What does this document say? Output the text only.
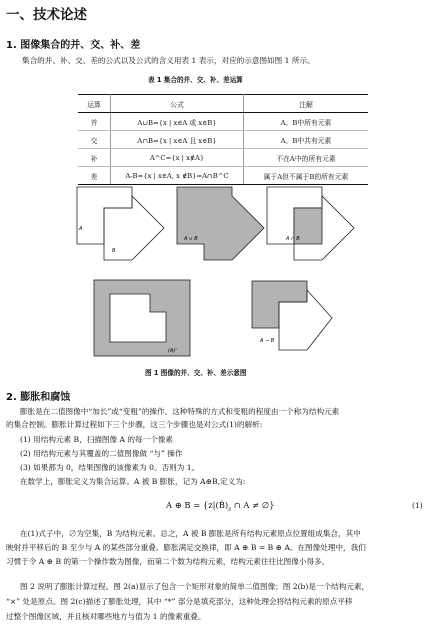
一、技术论述
1. 图像集合的并、交、补、差
集合的并、补、交、差的公式以及公式的含义用表 1 表示，对应的示意图如图 1 所示。
表 1 集合的并、交、补、差运算
运算	公式	注解
并	A∪B={x | x∈A 或 x∈B}	A、B中所有元素
交	A∩B={x | x∈A 且 x∈B}	A、B中共有元素
补	A^C={x | x∉A}	不在A中的所有元素
差	A-B={x | x∈A, x ∉B}=A∩B^C	属于A但不属于B的所有元素
A
B
A ∪ B	A ∩ B
(A)ᶜ
A − B
图 1 图像的并、交、补、差示意图
2. 膨胀和腐蚀
膨胀是在二值图像中“加长”或“变粗”的操作。这种特殊的方式和变粗的程度由一个称为结构元素
的集合控制。膨胀计算过程如下三个步骤，这三个步骤也是对公式(1)的解析:
(1) 用结构元素 B，扫描图像 A 的每一个像素
(2) 用结构元素与其覆盖的二值图像做 “与” 操作
(3) 如果都为 0，结果图像的该像素为 0。否则为 1。
在数学上，膨胀定义为集合运算。A 被 B 膨胀，记为 A⊕B,定义为:
A ⊕ $B = \{z|(B̂)_z$ ∩ A ≠ ∅}	(1)
在(1)式子中，∅为空集，B 为结构元素。总之，A 被 B 膨胀是所有结构元素原点位置组成集合，其中
映射并平移后的 B 至少与 A 的某些部分重叠。膨胀满足交换律，即 A ⊕ B = B ⊕ A。在图像处理中，我们
习惯于令 A ⊕ B 的第一个操作数为图像，而第二个数为结构元素，结构元素往往比图像小得多。
图 2 说明了膨胀计算过程。图 2(a)显示了包含一个矩形对象的简单二值图像；图 2(b)是一个结构元素，
“×” 处是原点。图 2(c)描述了膨胀处理，其中 “*” 部分是填充部分，这种处理会将结构元素的原点平移
过整个图像区域，并且核对哪些地方与值为 1 的像素重叠。
